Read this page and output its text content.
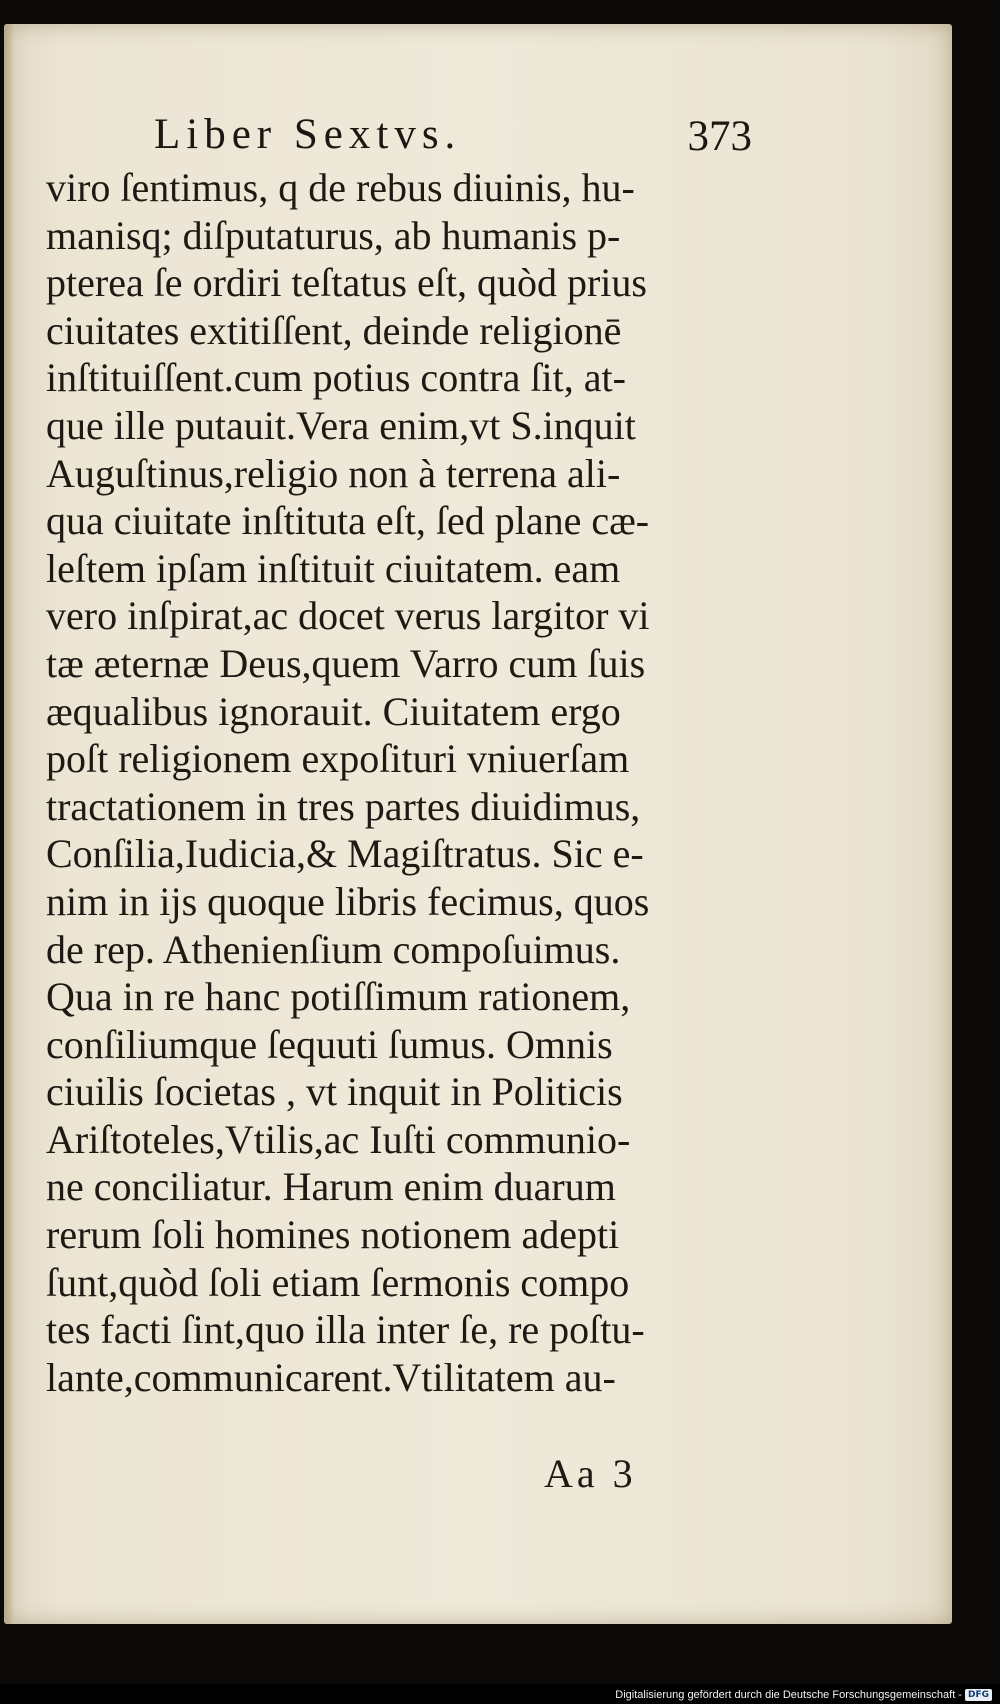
Liber Sextvs.	373
viro ſentimus, q de rebus diuinis, hu-
manisq; diſputaturus, ab humanis p-
pterea ſe ordiri teſtatus eſt, quòd prius
ciuitates extitiſſent, deinde religionē
inſtituiſſent.cum potius contra ſit, at-
que ille putauit.Vera enim,vt S.inquit
Auguſtinus,religio non à terrena ali-
qua ciuitate inſtituta eſt, ſed plane cæ-
leſtem ipſam inſtituit ciuitatem. eam
vero inſpirat,ac docet verus largitor vi
tæ æternæ Deus,quem Varro cum ſuis
æqualibus ignorauit. Ciuitatem ergo
poſt religionem expoſituri vniuerſam
tractationem in tres partes diuidimus,
Conſilia,Iudicia,& Magiſtratus. Sic e-
nim in ijs quoque libris fecimus, quos
de rep. Athenienſium compoſuimus.
Qua in re hanc potiſſimum rationem,
conſiliumque ſequuti ſumus. Omnis
ciuilis ſocietas , vt inquit in Politicis
Ariſtoteles,Vtilis,ac Iuſti communio-
ne conciliatur. Harum enim duarum
rerum ſoli homines notionem adepti
ſunt,quòd ſoli etiam ſermonis compo
tes facti ſint,quo illa inter ſe, re poſtu-
lante,communicarent.Vtilitatem au-
Aa 3
Digitalisierung gefördert durch die Deutsche Forschungsgemeinschaft - DFG
